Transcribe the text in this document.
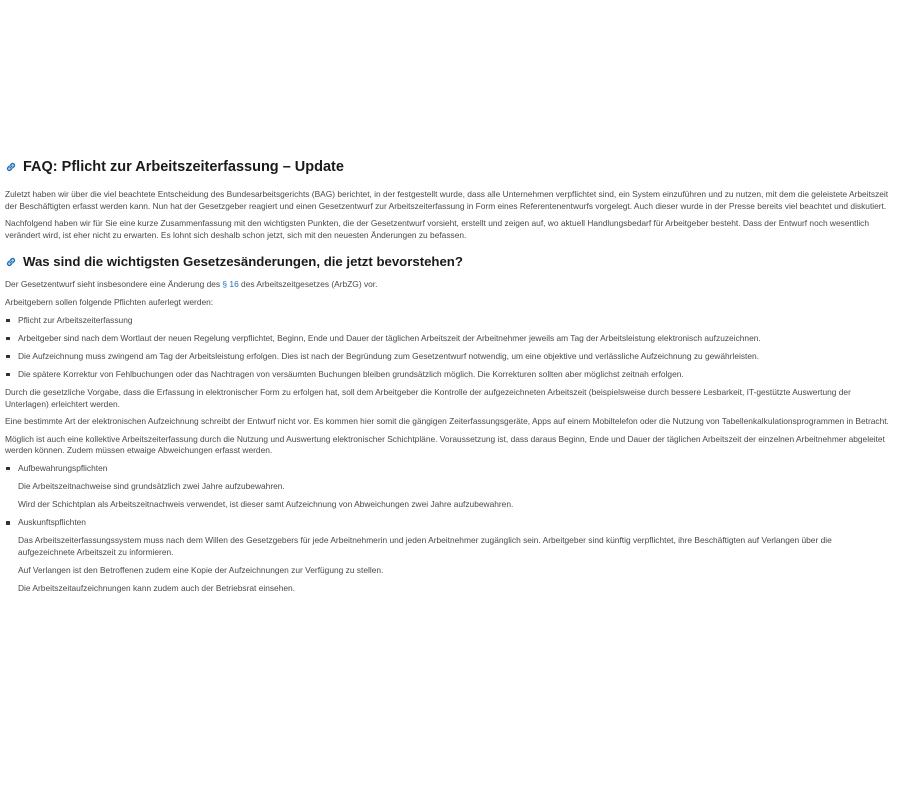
FAQ: Pflicht zur Arbeitszeiterfassung – Update

Zuletzt haben wir über die viel beachtete Entscheidung des Bundesarbeitsgerichts (BAG) berichtet, in der festgestellt wurde, dass alle Unternehmen verpflichtet sind, ein System einzuführen und zu nutzen, mit dem die geleistete Arbeitszeit der Beschäftigten erfasst werden kann. Nun hat der Gesetzgeber reagiert und einen Gesetzentwurf zur Arbeitszeiterfassung in Form eines Referentenentwurfs vorgelegt. Auch dieser wurde in der Presse bereits viel beachtet und diskutiert.

Nachfolgend haben wir für Sie eine kurze Zusammenfassung mit den wichtigsten Punkten, die der Gesetzentwurf vorsieht, erstellt und zeigen auf, wo aktuell Handlungsbedarf für Arbeitgeber besteht. Dass der Entwurf noch wesentlich verändert wird, ist eher nicht zu erwarten. Es lohnt sich deshalb schon jetzt, sich mit den neuesten Änderungen zu befassen.

Was sind die wichtigsten Gesetzesänderungen, die jetzt bevorstehen?

Der Gesetzentwurf sieht insbesondere eine Änderung des § 16 des Arbeitszeitgesetzes (ArbZG) vor.

Arbeitgebern sollen folgende Pflichten auferlegt werden:

Pflicht zur Arbeitszeiterfassung
Arbeitgeber sind nach dem Wortlaut der neuen Regelung verpflichtet, Beginn, Ende und Dauer der täglichen Arbeitszeit der Arbeitnehmer jeweils am Tag der Arbeitsleistung elektronisch aufzuzeichnen.
Die Aufzeichnung muss zwingend am Tag der Arbeitsleistung erfolgen. Dies ist nach der Begründung zum Gesetzentwurf notwendig, um eine objektive und verlässliche Aufzeichnung zu gewährleisten.
Die spätere Korrektur von Fehlbuchungen oder das Nachtragen von versäumten Buchungen bleiben grundsätzlich möglich. Die Korrekturen sollten aber möglichst zeitnah erfolgen.

Durch die gesetzliche Vorgabe, dass die Erfassung in elektronischer Form zu erfolgen hat, soll dem Arbeitgeber die Kontrolle der aufgezeichneten Arbeitszeit (beispielsweise durch bessere Lesbarkeit, IT-gestützte Auswertung der Unterlagen) erleichtert werden.

Eine bestimmte Art der elektronischen Aufzeichnung schreibt der Entwurf nicht vor. Es kommen hier somit die gängigen Zeiterfassungsgeräte, Apps auf einem Mobiltelefon oder die Nutzung von Tabellenkalkulationsprogrammen in Betracht.

Möglich ist auch eine kollektive Arbeitszeiterfassung durch die Nutzung und Auswertung elektronischer Schichtpläne. Voraussetzung ist, dass daraus Beginn, Ende und Dauer der täglichen Arbeitszeit der einzelnen Arbeitnehmer abgeleitet werden können. Zudem müssen etwaige Abweichungen erfasst werden.

Aufbewahrungspflichten

Die Arbeitszeitnachweise sind grundsätzlich zwei Jahre aufzubewahren.

Wird der Schichtplan als Arbeitszeitnachweis verwendet, ist dieser samt Aufzeichnung von Abweichungen zwei Jahre aufzubewahren.

Auskunftspflichten

Das Arbeitszeiterfassungssystem muss nach dem Willen des Gesetzgebers für jede Arbeitnehmerin und jeden Arbeitnehmer zugänglich sein. Arbeitgeber sind künftig verpflichtet, ihre Beschäftigten auf Verlangen über die aufgezeichnete Arbeitszeit zu informieren.

Auf Verlangen ist den Betroffenen zudem eine Kopie der Aufzeichnungen zur Verfügung zu stellen.

Die Arbeitszeitaufzeichnungen kann zudem auch der Betriebsrat einsehen.
